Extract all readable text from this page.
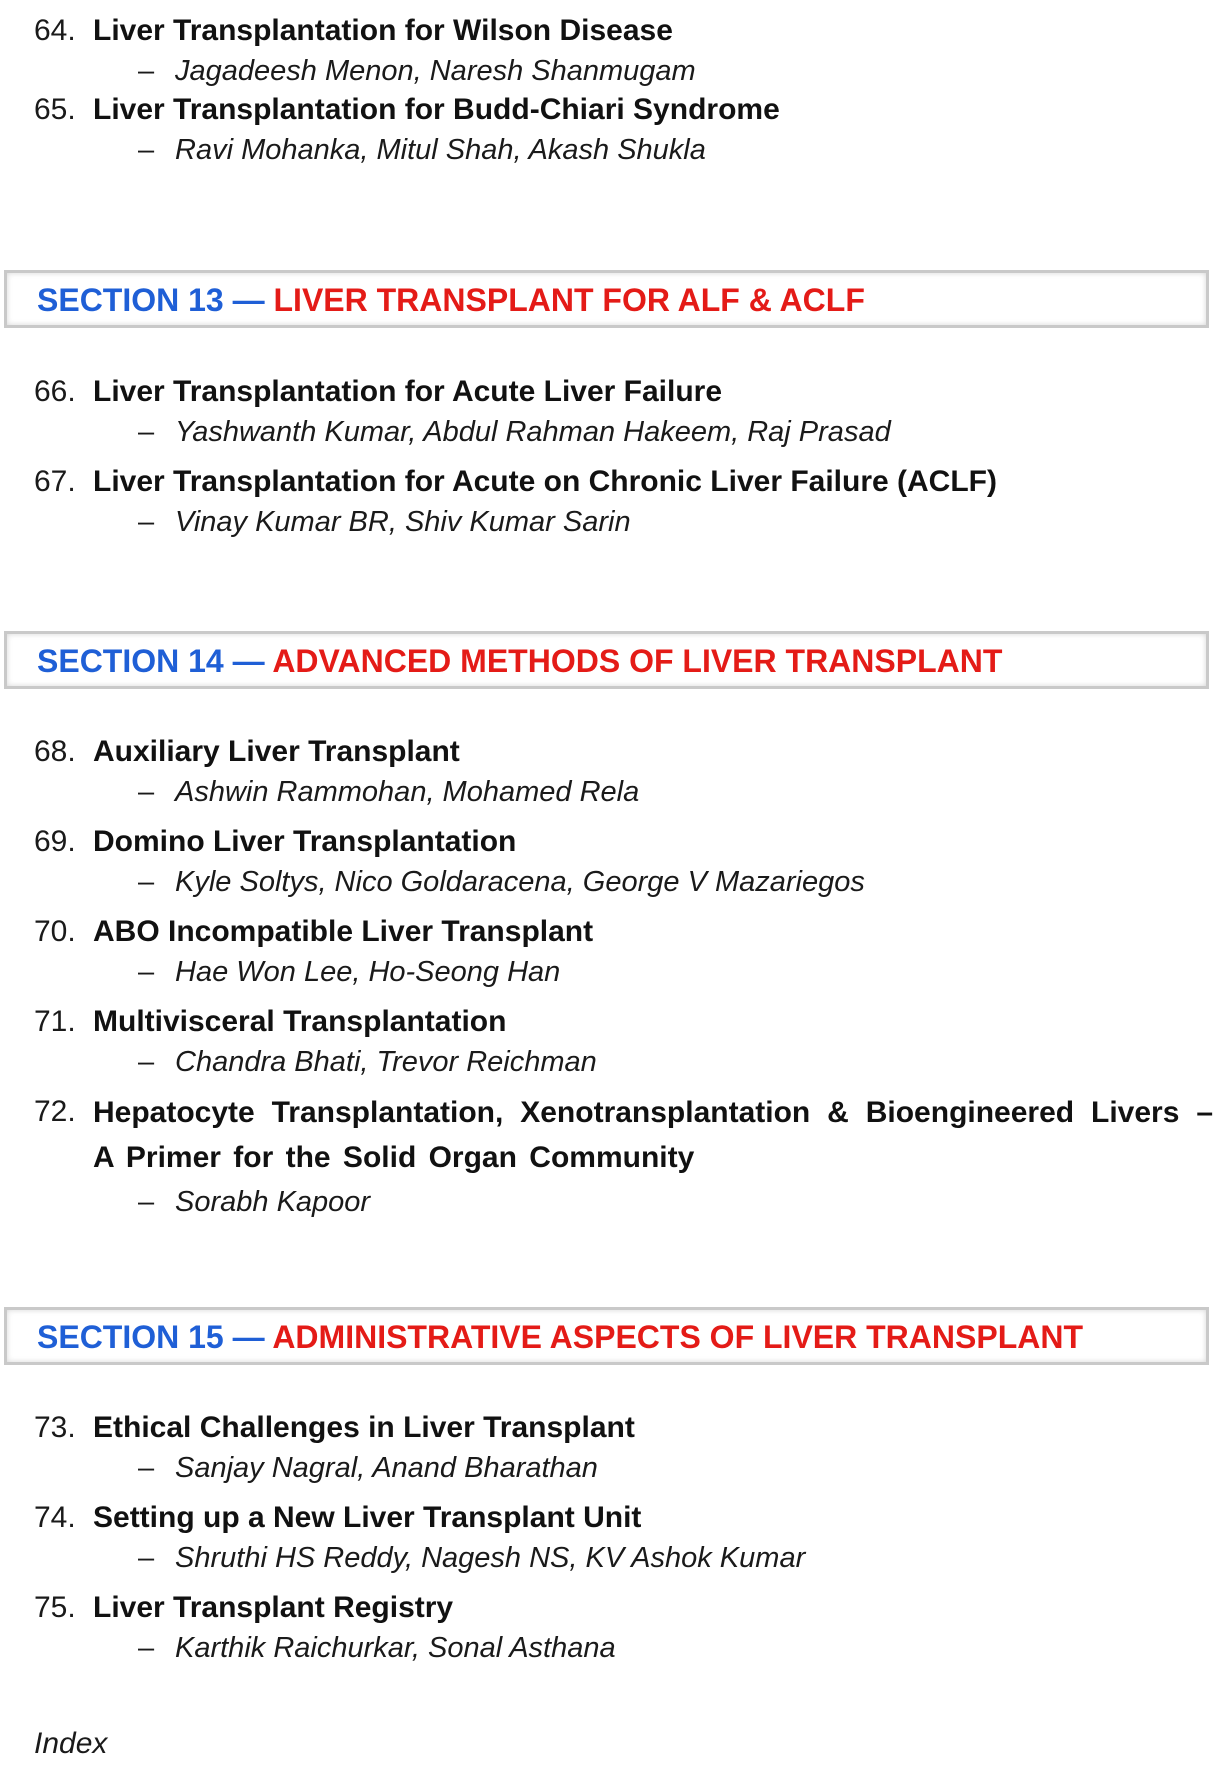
64. Liver Transplantation for Wilson Disease
– Jagadeesh Menon, Naresh Shanmugam
65. Liver Transplantation for Budd-Chiari Syndrome
– Ravi Mohanka, Mitul Shah, Akash Shukla
SECTION 13 — LIVER TRANSPLANT FOR ALF & ACLF
66. Liver Transplantation for Acute Liver Failure
– Yashwanth Kumar, Abdul Rahman Hakeem, Raj Prasad
67. Liver Transplantation for Acute on Chronic Liver Failure (ACLF)
– Vinay Kumar BR, Shiv Kumar Sarin
SECTION 14 — ADVANCED METHODS OF LIVER TRANSPLANT
68. Auxiliary Liver Transplant
– Ashwin Rammohan, Mohamed Rela
69. Domino Liver Transplantation
– Kyle Soltys, Nico Goldaracena, George V Mazariegos
70. ABO Incompatible Liver Transplant
– Hae Won Lee, Ho-Seong Han
71. Multivisceral Transplantation
– Chandra Bhati, Trevor Reichman
72. Hepatocyte Transplantation, Xenotransplantation & Bioengineered Livers – A Primer for the Solid Organ Community
– Sorabh Kapoor
SECTION 15 — ADMINISTRATIVE ASPECTS OF LIVER TRANSPLANT
73. Ethical Challenges in Liver Transplant
– Sanjay Nagral, Anand Bharathan
74. Setting up a New Liver Transplant Unit
– Shruthi HS Reddy, Nagesh NS, KV Ashok Kumar
75. Liver Transplant Registry
– Karthik Raichurkar, Sonal Asthana
Index
